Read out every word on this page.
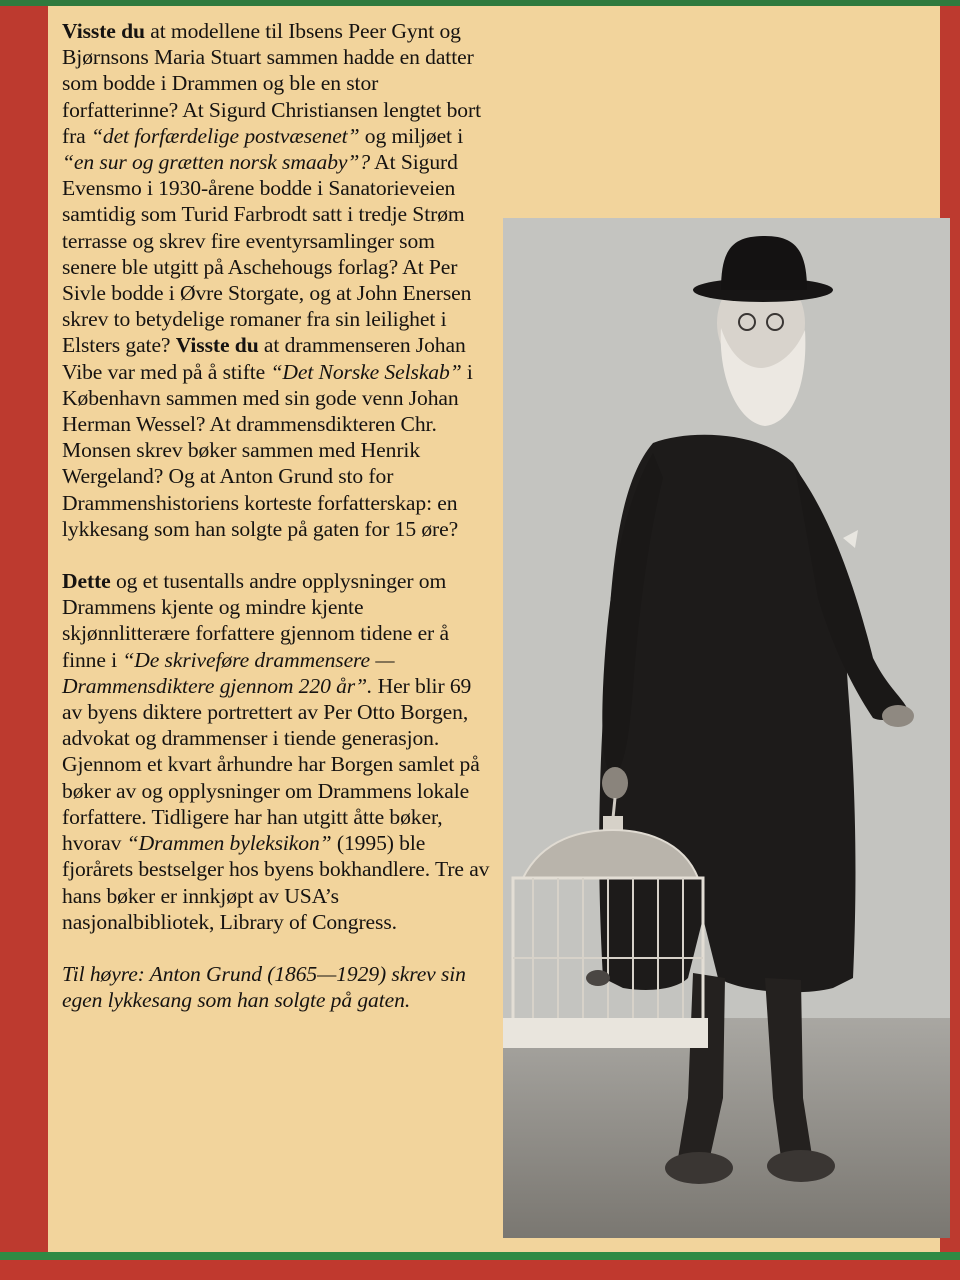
Visste du at modellene til Ibsens Peer Gynt og Bjørnsons Maria Stuart sammen hadde en datter som bodde i Drammen og ble en stor forfatterinne? At Sigurd Christiansen lengtet bort fra “det forfærdelige postvæsenet” og miljøet i “en sur og grætten norsk smaaby”? At Sigurd Evensmo i 1930-årene bodde i Sanatorieveien samtidig som Turid Farbrodt satt i tredje Strøm terrasse og skrev fire eventyrsamlinger som senere ble utgitt på Aschehougs forlag? At Per Sivle bodde i Øvre Storgate, og at John Enersen skrev to betydelige romaner fra sin leilighet i Elsters gate? Visste du at drammenseren Johan Vibe var med på å stifte “Det Norske Selskab” i København sammen med sin gode venn Johan Herman Wessel? At drammensdikteren Chr. Monsen skrev bøker sammen med Henrik Wergeland? Og at Anton Grund sto for Drammenshistoriens korteste forfatterskap: en lykkesang som han solgte på gaten for 15 øre?

Dette og et tusentalls andre opplysninger om Drammens kjente og mindre kjente skjønnlitterære forfattere gjennom tidene er å finne i “De skriveføre drammensere —Drammensdiktere gjennom 220 år”. Her blir 69 av byens diktere portrettert av Per Otto Borgen, advokat og drammenser i tiende generasjon. Gjennom et kvart århundre har Borgen samlet på bøker av og opplysninger om Drammens lokale forfattere. Tidligere har han utgitt åtte bøker, hvorav “Drammen byleksikon” (1995) ble fjorårets bestselger hos byens bokhandlere. Tre av hans bøker er innkjøpt av USA’s nasjonalbibliotek, Library of Congress.

Til høyre: Anton Grund (1865—1929) skrev sin egen lykkesang som han solgte på gaten.
